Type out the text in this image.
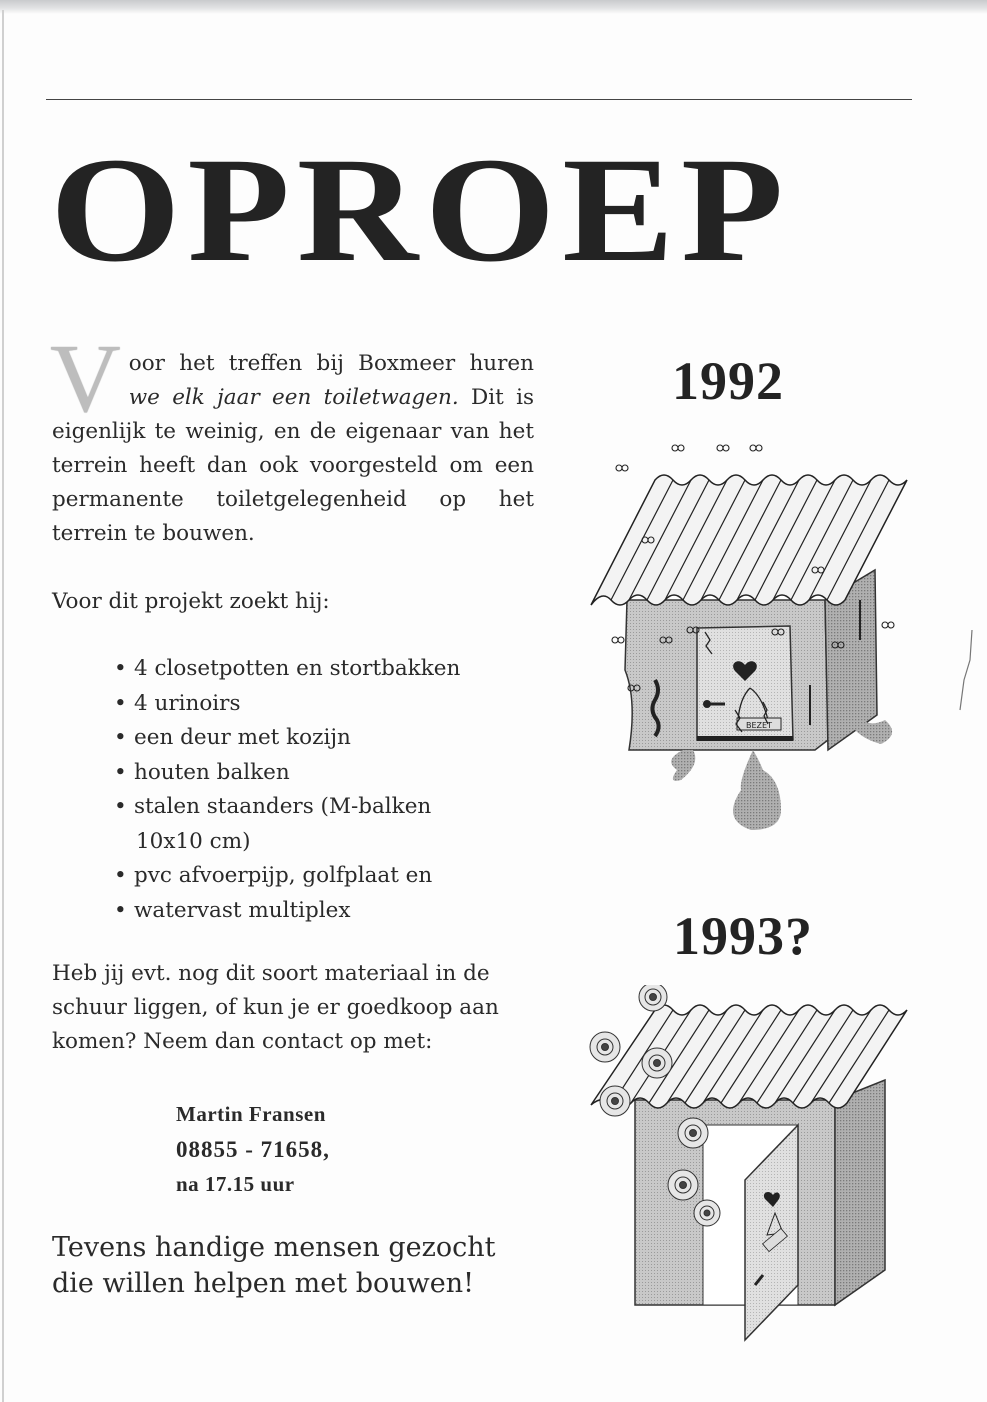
OPROEP
V oor het treffen bij Boxmeer huren we elk jaar een toiletwagen. Dit is eigenlijk te weinig, en de eigenaar van het terrein heeft dan ook voorgesteld om een permanente toiletgelegenheid op het terrein te bouwen.
Voor dit projekt zoekt hij:
• 4 closetpotten en stortbakken
• 4 urinoirs
• een deur met kozijn
• houten balken
• stalen staanders (M-balken
10x10 cm)
• pvc afvoerpijp, golfplaat en
• watervast multiplex
Heb jij evt. nog dit soort materiaal in de schuur liggen, of kun je er goedkoop aan komen? Neem dan contact op met:
Martin Fransen
08855 - 71658,
na 17.15 uur
Tevens handige mensen gezocht die willen helpen met bouwen!
1992
BEZET
1993?
